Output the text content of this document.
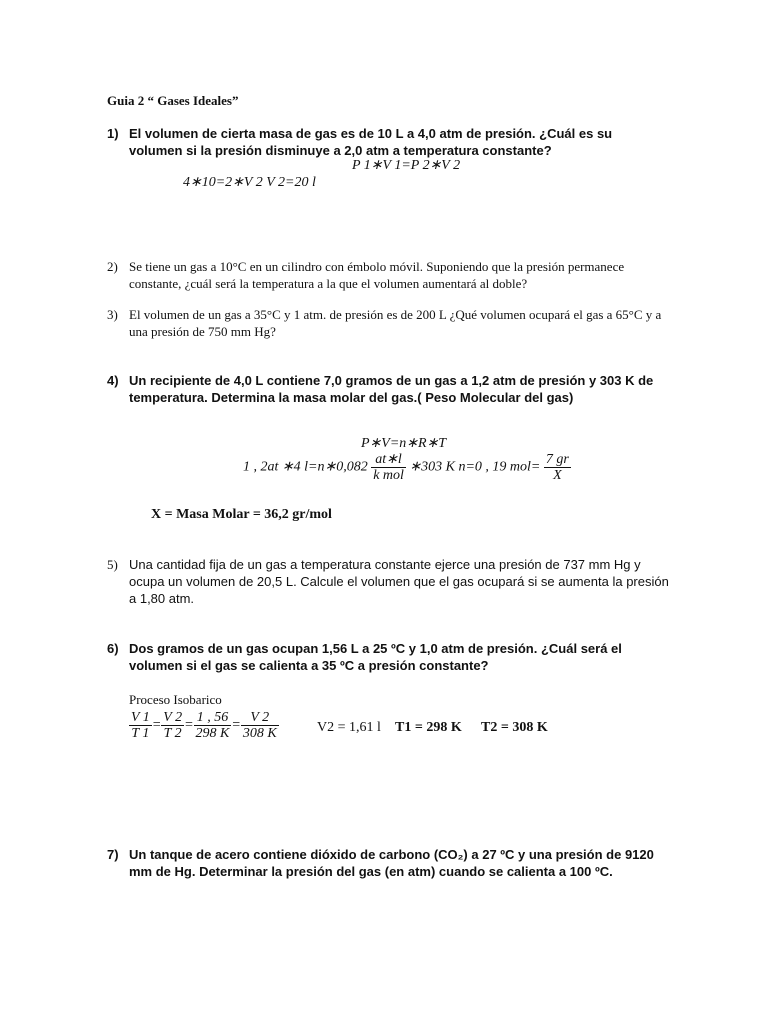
Guia 2 “ Gases Ideales”
1) El volumen de cierta masa de gas es de 10 L a 4,0 atm de presión. ¿Cuál es su volumen si la presión disminuye a 2,0 atm a temperatura constante?
P 1∗V 1=P 2∗V 2
4∗10=2∗V 2 V 2=20 l
2) Se tiene un gas a 10°C en un cilindro con émbolo móvil. Suponiendo que la presión permanece constante, ¿cuál será la temperatura a la que el volumen aumentará al doble?
3) El volumen de un gas a 35°C y 1 atm. de presión es de 200 L ¿Qué volumen ocupará el gas a 65°C y a una presión de 750 mm Hg?
4) Un recipiente de 4,0 L contiene 7,0 gramos de un gas a 1,2 atm de presión y 303 K de temperatura. Determina la masa molar del gas.( Peso Molecular del gas)
P∗V=n∗R∗T
1 , 2at ∗4 l=n∗0,082 $\frac{at∗l}{\text{k mol}}$ ∗303 K n=0 , 19 $mol= \frac{7 gr}{X}$
X = Masa Molar = 36,2 gr/mol
5) Una cantidad fija de un gas a temperatura constante ejerce una presión de 737 mm Hg y ocupa un volumen de 20,5 L. Calcule el volumen que el gas ocupará si se aumenta la presión a 1,80 atm.
6) Dos gramos de un gas ocupan 1,56 L a 25 ºC y 1,0 atm de presión. ¿Cuál será el volumen si el gas se calienta a 35 ºC a presión constante?
Proceso Isobarico
$\frac{V 1}{T 1} = \frac{V 2}{T 2} = \frac{1 , 56}{298 K} = \frac{V 2}{308 K}$	V2 = 1,61 l T1 = 298 K T2 = 308 K
7) Un tanque de acero contiene dióxido de carbono (CO₂) a 27 ºC y una presión de 9120 mm de Hg. Determinar la presión del gas (en atm) cuando se calienta a 100 ºC.
